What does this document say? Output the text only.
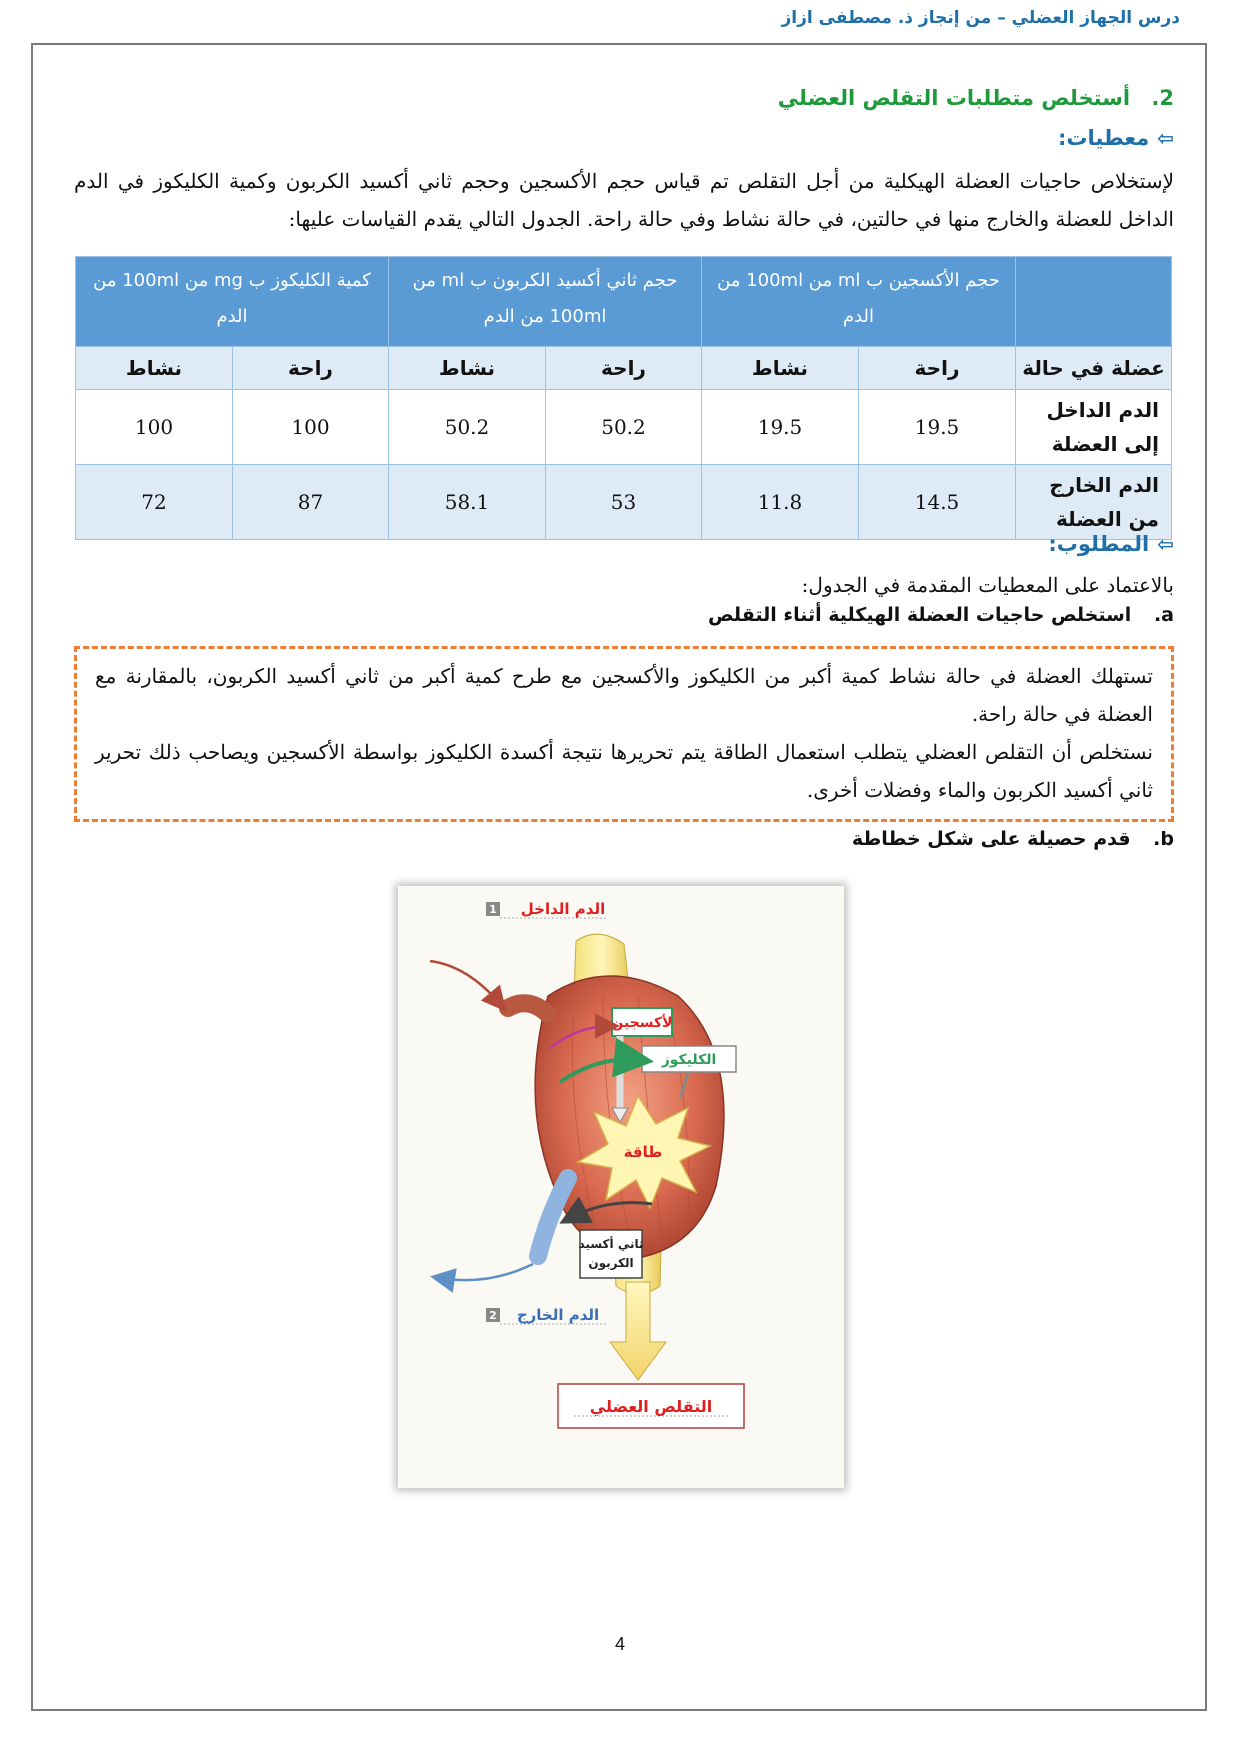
درس الجهاز العضلي – من إنجاز ذ. مصطفى ازاز
2. أستخلص متطلبات التقلص العضلي
⇦معطيات:
لإستخلاص حاجيات العضلة الهيكلية من أجل التقلص تم قياس حجم الأكسجين وحجم ثاني أكسيد الكربون وكمية الكليكوز في الدم الداخل للعضلة والخارج منها في حالتين، في حالة نشاط وفي حالة راحة. الجدول التالي يقدم القياسات عليها:
	حجم الأكسجين ب ml من 100ml من الدم		حجم ثاني أكسيد الكربون ب ml من 100ml من الدم		كمية الكليكوز ب mg من 100ml من الدم	
عضلة في حالة	راحة	نشاط	راحة	نشاط	راحة	نشاط
الدم الداخل إلى العضلة	19.5	19.5	50.2	50.2	100	100
الدم الخارج من العضلة	14.5	11.8	53	58.1	87	72
⇦المطلوب:
بالاعتماد على المعطيات المقدمة في الجدول:
a. استخلص حاجيات العضلة الهيكلية أثناء التقلص
تستهلك العضلة في حالة نشاط كمية أكبر من الكليكوز والأكسجين مع طرح كمية أكبر من ثاني أكسيد الكربون، بالمقارنة مع العضلة في حالة راحة.
نستخلص أن التقلص العضلي يتطلب استعمال الطاقة يتم تحريرها نتيجة أكسدة الكليكوز بواسطة الأكسجين ويصاحب ذلك تحرير ثاني أكسيد الكربون والماء وفضلات أخرى.
b. قدم حصيلة على شكل خطاطة
1 الدم الداخل
لأكسجين
الكليكوز
طاقة
ثاني أكسيد
الكربون
2 الدم الخارج
التقلص العضلي
4
